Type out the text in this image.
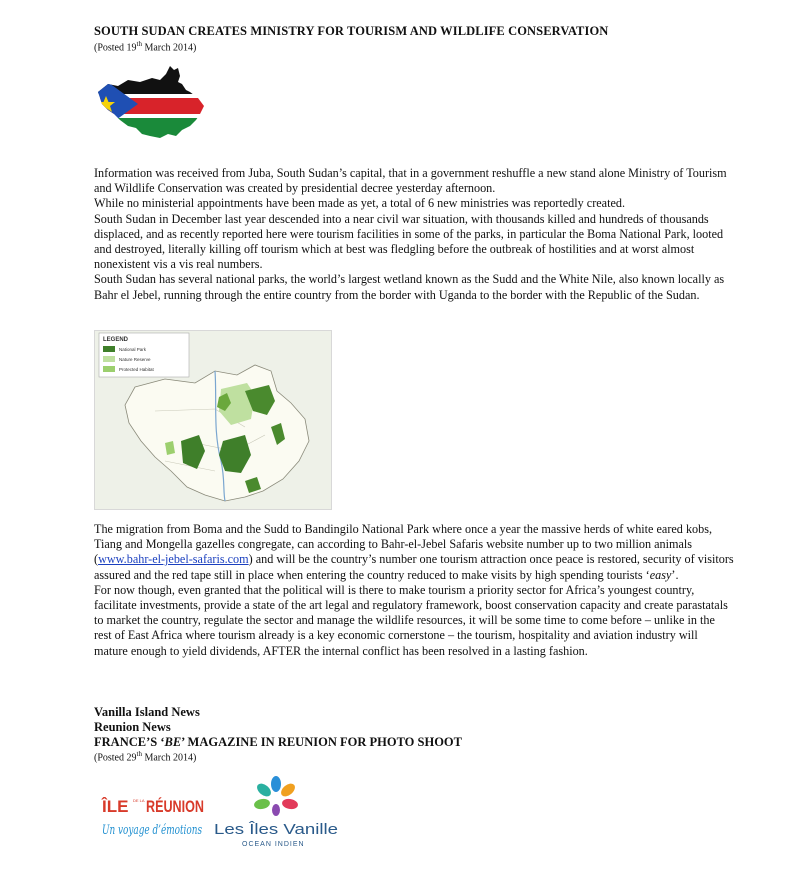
SOUTH SUDAN CREATES MINISTRY FOR TOURISM AND WILDLIFE CONSERVATION
(Posted 19th March 2014)

Information was received from Juba, South Sudan’s capital, that in a government reshuffle a new stand alone Ministry of Tourism and Wildlife Conservation was created by presidential decree yesterday afternoon.

While no ministerial appointments have been made as yet, a total of 6 new ministries was reportedly created.

South Sudan in December last year descended into a near civil war situation, with thousands killed and hundreds of thousands displaced, and as recently reported here were tourism facilities in some of the parks, in particular the Boma National Park, looted and destroyed, literally killing off tourism which at best was fledgling before the outbreak of hostilities and at worst almost nonexistent vis a vis real numbers.

South Sudan has several national parks, the world’s largest wetland known as the Sudd and the White Nile, also known locally as Bahr el Jebel, running through the entire country from the border with Uganda to the border with the Republic of the Sudan.

LEGEND
National Park
Nature Reserve
Protected Habitat

The migration from Boma and the Sudd to Bandingilo National Park where once a year the massive herds of white eared kobs, Tiang and Mongella gazelles congregate, can according to Bahr-el-Jebel Safaris website number up to two million animals (www.bahr-el-jebel-safaris.com) and will be the country’s number one tourism attraction once peace is restored, security of visitors assured and the red tape still in place when entering the country reduced to make visits by high spending tourists ‘easy’.

For now though, even granted that the political will is there to make tourism a priority sector for Africa’s youngest country, facilitate investments, provide a state of the art legal and regulatory framework, boost conservation capacity and create parastatals to market the country, regulate the sector and manage the wildlife resources, it will be some time to come before – unlike in the rest of East Africa where tourism already is a key economic cornerstone – the tourism, hospitality and aviation industry will mature enough to yield dividends, AFTER the internal conflict has been resolved in a lasting fashion.

Vanilla Island News
Reunion News
FRANCE’S ‘BE’ MAGAZINE IN REUNION FOR PHOTO SHOOT
(Posted 29th March 2014)
ÎLE DE LA RÉUNION
Un voyage d’émotions Les Îles Vanille
OCEAN INDIEN
